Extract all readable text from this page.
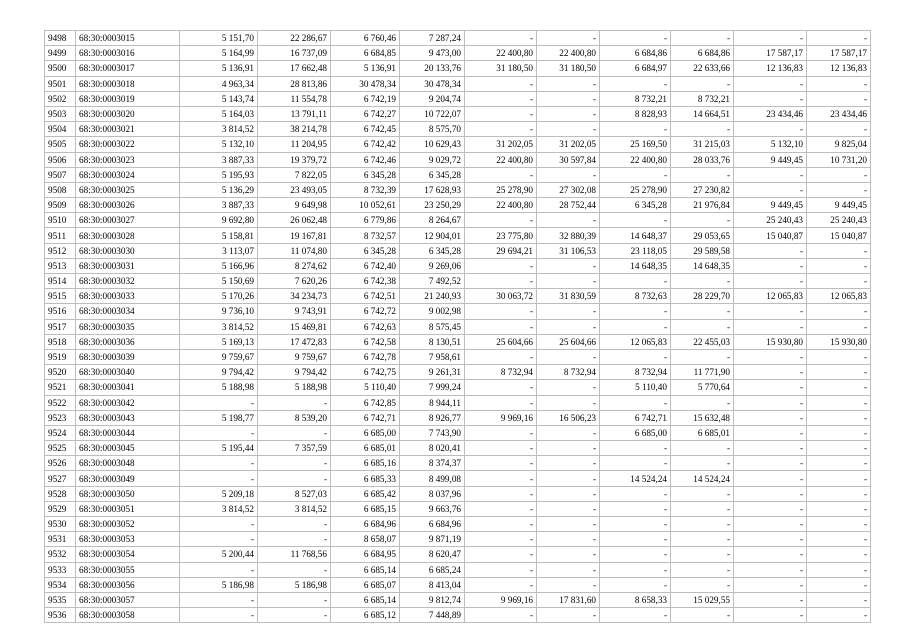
9498	68:30:0003015	5 151,70	22 286,67	6 760,46	7 287,24	-	-	-	-	-	-
9499	68:30:0003016	5 164,99	16 737,09	6 684,85	9 473,00	22 400,80	22 400,80	6 684,86	6 684,86	17 587,17	17 587,17
9500	68:30:0003017	5 136,91	17 662,48	5 136,91	20 133,76	31 180,50	31 180,50	6 684,97	22 633,66	12 136,83	12 136,83
9501	68:30:0003018	4 963,34	28 813,86	30 478,34	30 478,34	-	-	-	-	-	-
9502	68:30:0003019	5 143,74	11 554,78	6 742,19	9 204,74	-	-	8 732,21	8 732,21	-	-
9503	68:30:0003020	5 164,03	13 791,11	6 742,27	10 722,07	-	-	8 828,93	14 664,51	23 434,46	23 434,46
9504	68:30:0003021	3 814,52	38 214,78	6 742,45	8 575,70	-	-	-	-	-	-
9505	68:30:0003022	5 132,10	11 204,95	6 742,42	10 629,43	31 202,05	31 202,05	25 169,50	31 215,03	5 132,10	9 825,04
9506	68:30:0003023	3 887,33	19 379,72	6 742,46	9 029,72	22 400,80	30 597,84	22 400,80	28 033,76	9 449,45	10 731,20
9507	68:30:0003024	5 195,93	7 822,05	6 345,28	6 345,28	-	-	-	-	-	-
9508	68:30:0003025	5 136,29	23 493,05	8 732,39	17 628,93	25 278,90	27 302,08	25 278,90	27 230,82	-	-
9509	68:30:0003026	3 887,33	9 649,98	10 052,61	23 250,29	22 400,80	28 752,44	6 345,28	21 976,84	9 449,45	9 449,45
9510	68:30:0003027	9 692,80	26 062,48	6 779,86	8 264,67	-	-	-	-	25 240,43	25 240,43
9511	68:30:0003028	5 158,81	19 167,81	8 732,57	12 904,01	23 775,80	32 880,39	14 648,37	29 053,65	15 040,87	15 040,87
9512	68:30:0003030	3 113,07	11 074,80	6 345,28	6 345,28	29 694,21	31 106,53	23 118,05	29 589,58	-	-
9513	68:30:0003031	5 166,96	8 274,62	6 742,40	9 269,06	-	-	14 648,35	14 648,35	-	-
9514	68:30:0003032	5 150,69	7 620,26	6 742,38	7 492,52	-	-	-	-	-	-
9515	68:30:0003033	5 170,26	34 234,73	6 742,51	21 240,93	30 063,72	31 830,59	8 732,63	28 229,70	12 065,83	12 065,83
9516	68:30:0003034	9 736,10	9 743,91	6 742,72	9 002,98	-	-	-	-	-	-
9517	68:30:0003035	3 814,52	15 469,81	6 742,63	8 575,45	-	-	-	-	-	-
9518	68:30:0003036	5 169,13	17 472,83	6 742,58	8 130,51	25 604,66	25 604,66	12 065,83	22 455,03	15 930,80	15 930,80
9519	68:30:0003039	9 759,67	9 759,67	6 742,78	7 958,61	-	-	-	-	-	-
9520	68:30:0003040	9 794,42	9 794,42	6 742,75	9 261,31	8 732,94	8 732,94	8 732,94	11 771,90	-	-
9521	68:30:0003041	5 188,98	5 188,98	5 110,40	7 999,24	-	-	5 110,40	5 770,64	-	-
9522	68:30:0003042	-	-	6 742,85	8 944,11	-	-	-	-	-	-
9523	68:30:0003043	5 198,77	8 539,20	6 742,71	8 926,77	9 969,16	16 506,23	6 742,71	15 632,48	-	-
9524	68:30:0003044	-	-	6 685,00	7 743,90	-	-	6 685,00	6 685,01	-	-
9525	68:30:0003045	5 195,44	7 357,59	6 685,01	8 020,41	-	-	-	-	-	-
9526	68:30:0003048	-	-	6 685,16	8 374,37	-	-	-	-	-	-
9527	68:30:0003049	-	-	6 685,33	8 499,08	-	-	14 524,24	14 524,24	-	-
9528	68:30:0003050	5 209,18	8 527,03	6 685,42	8 037,96	-	-	-	-	-	-
9529	68:30:0003051	3 814,52	3 814,52	6 685,15	9 663,76	-	-	-	-	-	-
9530	68:30:0003052	-	-	6 684,96	6 684,96	-	-	-	-	-	-
9531	68:30:0003053	-	-	8 658,07	9 871,19	-	-	-	-	-	-
9532	68:30:0003054	5 200,44	11 768,56	6 684,95	8 620,47	-	-	-	-	-	-
9533	68:30:0003055	-	-	6 685,14	6 685,24	-	-	-	-	-	-
9534	68:30:0003056	5 186,98	5 186,98	6 685,07	8 413,04	-	-	-	-	-	-
9535	68:30:0003057	-	-	6 685,14	9 812,74	9 969,16	17 831,60	8 658,33	15 029,55	-	-
9536	68:30:0003058	-	-	6 685,12	7 448,89	-	-	-	-	-	-
